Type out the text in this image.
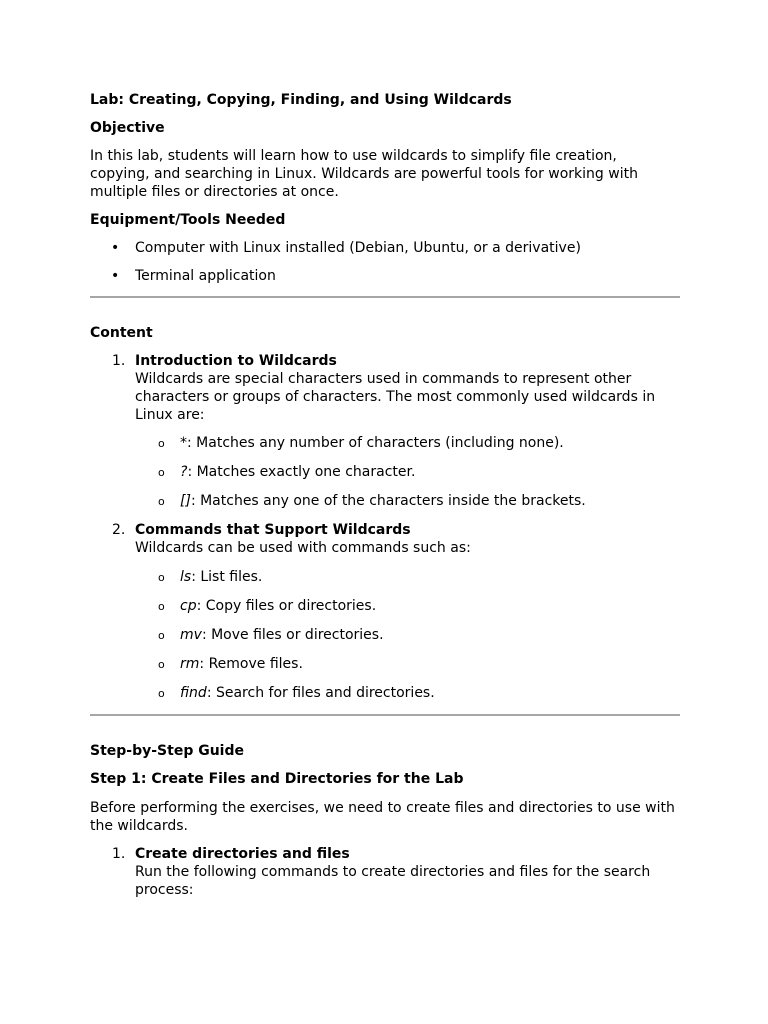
Lab: Creating, Copying, Finding, and Using Wildcards
Objective

In this lab, students will learn how to use wildcards to simplify file creation, copying, and searching in Linux. Wildcards are powerful tools for working with multiple files or directories at once.

Equipment/Tools Needed
• Computer with Linux installed (Debian, Ubuntu, or a derivative)
• Terminal application
Content
1. Introduction to Wildcards

Wildcards are special characters used in commands to represent other characters or groups of characters. The most commonly used wildcards in Linux are:

o *: Matches any number of characters (including none).
o ?: Matches exactly one character.
o []: Matches any one of the characters inside the brackets.
2. Commands that Support Wildcards

Wildcards can be used with commands such as:

o ls: List files.
o cp: Copy files or directories.
o mv: Move files or directories.
o rm: Remove files.
o find: Search for files and directories.
Step-by-Step Guide
Step 1: Create Files and Directories for the Lab

Before performing the exercises, we need to create files and directories to use with the wildcards.

1. Create directories and files

Run the following commands to create directories and files for the search process:
